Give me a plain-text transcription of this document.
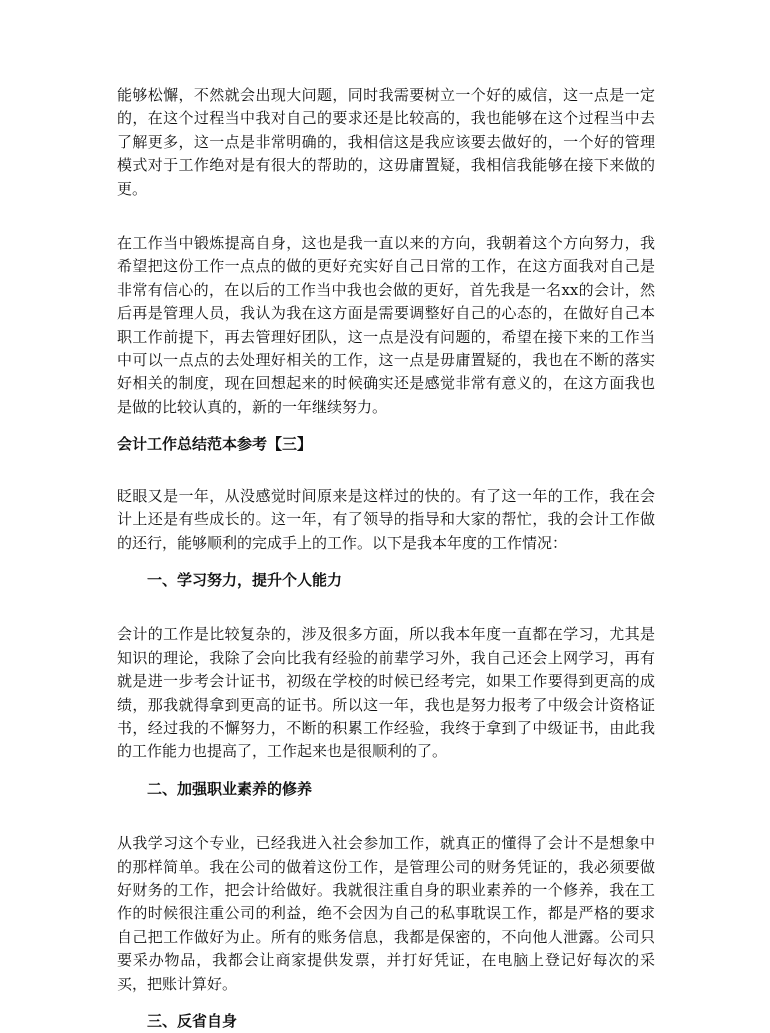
能够松懈，不然就会出现大问题，同时我需要树立一个好的威信，这一点是一定的，在这个过程当中我对自己的要求还是比较高的，我也能够在这个过程当中去了解更多，这一点是非常明确的，我相信这是我应该要去做好的，一个好的管理模式对于工作绝对是有很大的帮助的，这毋庸置疑，我相信我能够在接下来做的更。

在工作当中锻炼提高自身，这也是我一直以来的方向，我朝着这个方向努力，我希望把这份工作一点点的做的更好充实好自己日常的工作，在这方面我对自己是非常有信心的，在以后的工作当中我也会做的更好，首先我是一名xx的会计，然后再是管理人员，我认为我在这方面是需要调整好自己的心态的，在做好自己本职工作前提下，再去管理好团队，这一点是没有问题的，希望在接下来的工作当中可以一点点的去处理好相关的工作，这一点是毋庸置疑的，我也在不断的落实好相关的制度，现在回想起来的时候确实还是感觉非常有意义的，在这方面我也是做的比较认真的，新的一年继续努力。

会计工作总结范本参考【三】

眨眼又是一年，从没感觉时间原来是这样过的快的。有了这一年的工作，我在会计上还是有些成长的。这一年，有了领导的指导和大家的帮忙，我的会计工作做的还行，能够顺利的完成手上的工作。以下是我本年度的工作情况：

一、学习努力，提升个人能力

会计的工作是比较复杂的，涉及很多方面，所以我本年度一直都在学习，尤其是知识的理论，我除了会向比我有经验的前辈学习外，我自己还会上网学习，再有就是进一步考会计证书，初级在学校的时候已经考完，如果工作要得到更高的成绩，那我就得拿到更高的证书。所以这一年，我也是努力报考了中级会计资格证书，经过我的不懈努力，不断的积累工作经验，我终于拿到了中级证书，由此我的工作能力也提高了，工作起来也是很顺利的了。

二、加强职业素养的修养

从我学习这个专业，已经我进入社会参加工作，就真正的懂得了会计不是想象中的那样简单。我在公司的做着这份工作，是管理公司的财务凭证的，我必须要做好财务的工作，把会计给做好。我就很注重自身的职业素养的一个修养，我在工作的时候很注重公司的利益，绝不会因为自己的私事耽误工作，都是严格的要求自己把工作做好为止。所有的账务信息，我都是保密的，不向他人泄露。公司只要采办物品，我都会让商家提供发票，并打好凭证，在电脑上登记好每次的采买，把账计算好。

三、反省自身
